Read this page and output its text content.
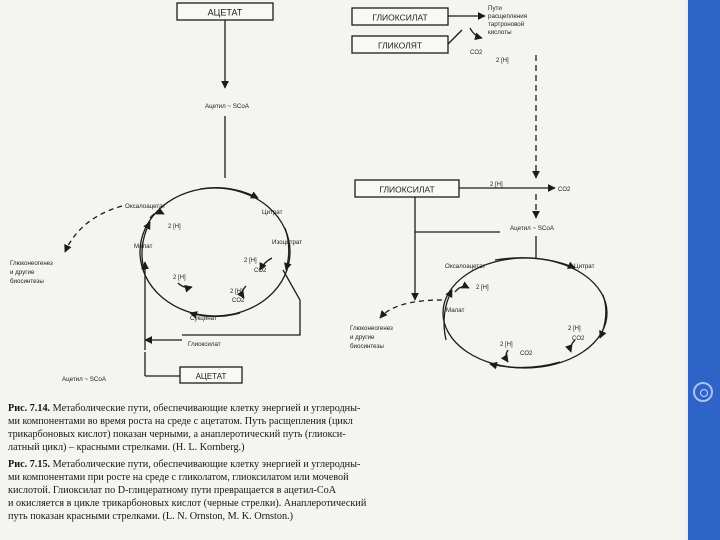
АЦЕТАТ
Ацетил ~ SCoA
Оксалоацетат
Цитрат
2 [H]
Изоцитрат
Малат
2 [H]
CO2
2 [H]
2 [H]
CO2
Сукцинат
Глиоксилат
АЦЕТАТ
Ацетил ~ SCoA
Глюконеогенез и другие биосинтезы
ГЛИОКСИЛАТ
ГЛИКОЛЯТ
Пути расщепления тартроновой кислоты
CO2
2 [H]
ГЛИОКСИЛАТ	2 [H]
CO2
Ацетил ~ SCoA
Оксалоацетат	Цитрат
2 [H]
Малат
2 [H]
CO2
2 [H]
CO2
Глюконеогенез и другие биосинтезы
Рис. 7.14. Метаболические пути, обеспечивающие клетку энергией и углеродны-
ми компонентами во время роста на среде с ацетатом. Путь расщепления (цикл
трикарбоновых кислот) показан черными, а анаплеротический путь (глиокси-
латный цикл) – красными стрелками. (H. L. Kornberg.)
Рис. 7.15. Метаболические пути, обеспечивающие клетку энергией и углеродны-
ми компонентами при росте на среде с гликолатом, глиоксилатом или мочевой
кислотой. Глиоксилат по D-глицератному пути превращается в ацетил-CoA
и окисляется в цикле трикарбоновых кислот (черные стрелки). Анаплеротический
путь показан красными стрелками. (L. N. Ornston, M. K. Ornston.)
